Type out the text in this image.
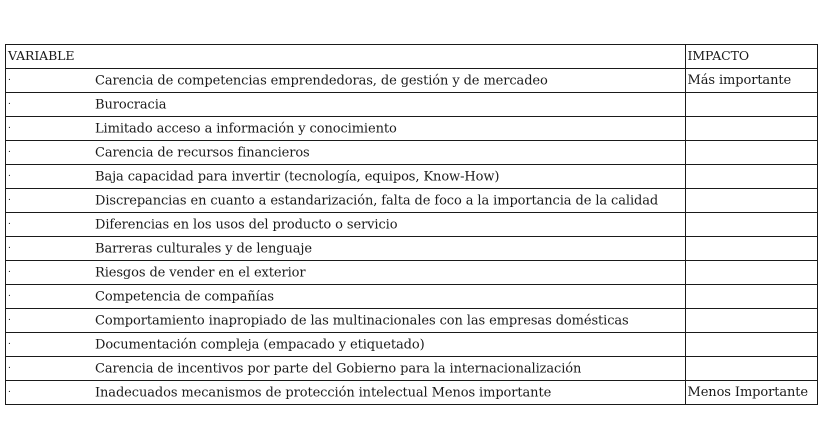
VARIABLE	IMPACTO

· Carencia de competencias emprendedoras, de gestión y de mercadeo	Más importante

· Burocracia	

· Limitado acceso a información y conocimiento	

· Carencia de recursos financieros	

· Baja capacidad para invertir (tecnología, equipos, Know-How)	

· Discrepancias en cuanto a estandarización, falta de foco a la importancia de la calidad	

· Diferencias en los usos del producto o servicio	

· Barreras culturales y de lenguaje	

· Riesgos de vender en el exterior	

· Competencia de compañías	

· Comportamiento inapropiado de las multinacionales con las empresas domésticas	

· Documentación compleja (empacado y etiquetado)	

· Carencia de incentivos por parte del Gobierno para la internacionalización	

· Inadecuados mecanismos de protección intelectual Menos importante	Menos Importante
